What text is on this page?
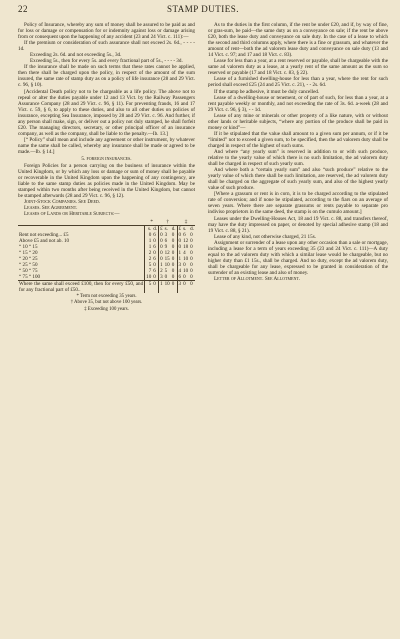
22	STAMP DUTIES.

Policy of Insurance, whereby any sum of money shall be assured to be paid as and for loss or damage or compensation for or indemnity against loss or damage arising from or consequent upon the happening of any accident (23 and 24 Vict. c. 111):—

If the premium or consideration of such assurance shall not exceed 2s. 6d., - - - - 1d.

Exceeding 2s. 6d. and not exceeding 5s., 3d.

Exceeding 5s., then for every 5s. and every fractional part of 5s., - - - - 3d.

If the insurance shall be made on such terms that these rates cannot be applied, then there shall be charged upon the policy, in respect of the amount of the sum insured, the same rate of stamp duty as on a policy of life insurance (28 and 29 Vict. c. 96, § 10).

[Accidental Death policy not to be chargeable as a life policy. The above not to repeal or alter the duties payable under 12 and 13 Vict. by the Railway Passengers Assurance Company (28 and 29 Vict. c. 96, § 11). For preventing frauds, 16 and 17 Vict. c. 59, § 6, to apply to these duties, and also to all other duties on policies of insurance, excepting Sea Insurance, imposed by 28 and 29 Vict. c. 96. And further, if any person shall make, sign, or deliver out a policy not duly stamped, he shall forfeit £20. The managing directors, secretary, or other principal officer of an insurance company, as well as the company, shall be liable to the penalty.—Ib. 13.]

[“ Policy” shall mean and include any agreement or other instrument, by whatever name the same shall be called, whereby any insurance shall be made or agreed to be made.—Ib. § 14.]

5. foreign insurances.

Foreign Policies for a person carrying on the business of insurance within the United Kingdom, or by which any loss or damage or sum of money shall be payable or recoverable in the United Kingdom upon the happening of any contingency, are liable to the same stamp duties as policies made in the United Kingdom. May be stamped within two months after being received in the United Kingdom, but cannot be stamped afterwards (28 and 29 Vict. c. 96, § 12).

Joint-Stock Companies. See Deed.

Leases. See Agreement.

Leases of Lands or Heritable Subjects:—

	*		†			‡		
	s.	d.	£	s.	d.	£	s.	d.
Rent not exceeding... £5	0	6	0	3	0	0	6	0
Above £5 and not ab. 10	1	0	0	6	0	0	12	0
“ 10 “ 15	1	6	0	9	0	0	18	0
“ 15 “ 20	2	0	0	12	0	1	4	0
“ 20 “ 25	2	6	0	15	0	1	10	0
“ 25 “ 50	5	0	1	10	0	3	0	0
“ 50 “ 75	7	6	2	5	0	4	10	0
“ 75 “ 100	10	0	3	0	0	6	0	0
Where the same shall exceed £100, then for every £50, and for any fractional part of £50..	5	0	1	10	0	3	0	0
* Term not exceeding 35 years.
† Above 35, but not above 100 years.
‡ Exceeding 100 years.

As to the duties in the first column, if the rent be under £20, and if, by way of fine, or gras-sum, be paid—the same duty as on a conveyance on sale; if the rent be above £20, both the lease duty and conveyance on sale duty. In the case of a lease to which the second and third columns apply, where there is a fine or grassum, and whatever the amount of rent—both the ad valorem lease duty and conveyance on sale duty (13 and 14 Vict. c. 97; and 17 and 18 Vict. c. 83).

Lease for less than a year, at a rent reserved or payable, shall be chargeable with the same ad valorem duty as a lease, at a yearly rent of the same amount as the sum so reserved or payable (17 and 18 Vict. c. 83, § 22).

Lease of a furnished dwelling-house for less than a year, where the rent for such period shall exceed £25 (24 and 25 Vict. c. 21), - - 2s. 6d.

If the stamp be adhesive, it must be duly cancelled.

Lease of a dwelling-house or tenement, or of part of such, for less than a year, at a rent payable weekly or monthly, and not exceeding the rate of 3s. 6d. a-week (28 and 29 Vict. c. 96, § 3), - - 1d.

Lease of any mine or minerals or other property of a like nature, with or without other lands or heritable subjects, “where any portion of the produce shall be paid in money or kind”—

If it be stipulated that the value shall amount to a given sum per annum, or if it be “limited” not to exceed a given sum, to be specified, then the ad valorem duty shall be charged in respect of the highest of such sums.

And where “any yearly sum” is reserved in addition to or with such produce, relative to the yearly value of which there is no such limitation, the ad valorem duty shall be charged in respect of such yearly sum.

And where both a “certain yearly sum” and also “such produce” relative to the yearly value of which there shall be such limitation, are reserved, the ad valorem duty shall be charged on the aggregate of such yearly sum, and also of the highest yearly value of such produce.

[Where a grassum or rent is in corn, it is to be charged according to the stipulated rate of conversion; and if none be stipulated, according to the fiars on an average of seven years. Where there are separate grassums or rents payable to separate pro indiviso proprietors in the same deed, the stamp is on the cumulo amount.]

Leases under the Dwelling-Houses Act, 18 and 19 Vict. c. 88, and transfers thereof, may have the duty impressed on paper, or denoted by special adhesive stamp (18 and 19 Vict. c. 88, § 21).

Lease of any kind, not otherwise charged, 21 15s.

Assignment or surrender of a lease upon any other occasion than a sale or mortgage, including a lease for a term of years exceeding 35 (23 and 24 Vict. c. 111)—A duty equal to the ad valorem duty with which a similar lease would be chargeable, but no higher duty than £1 15s., shall be charged. And no duty, except the ad valorem duty, shall be chargeable for any lease, expressed to be granted in consideration of the surrender of an existing lease and also of money.

Letter of Allotment. See Allotment.
